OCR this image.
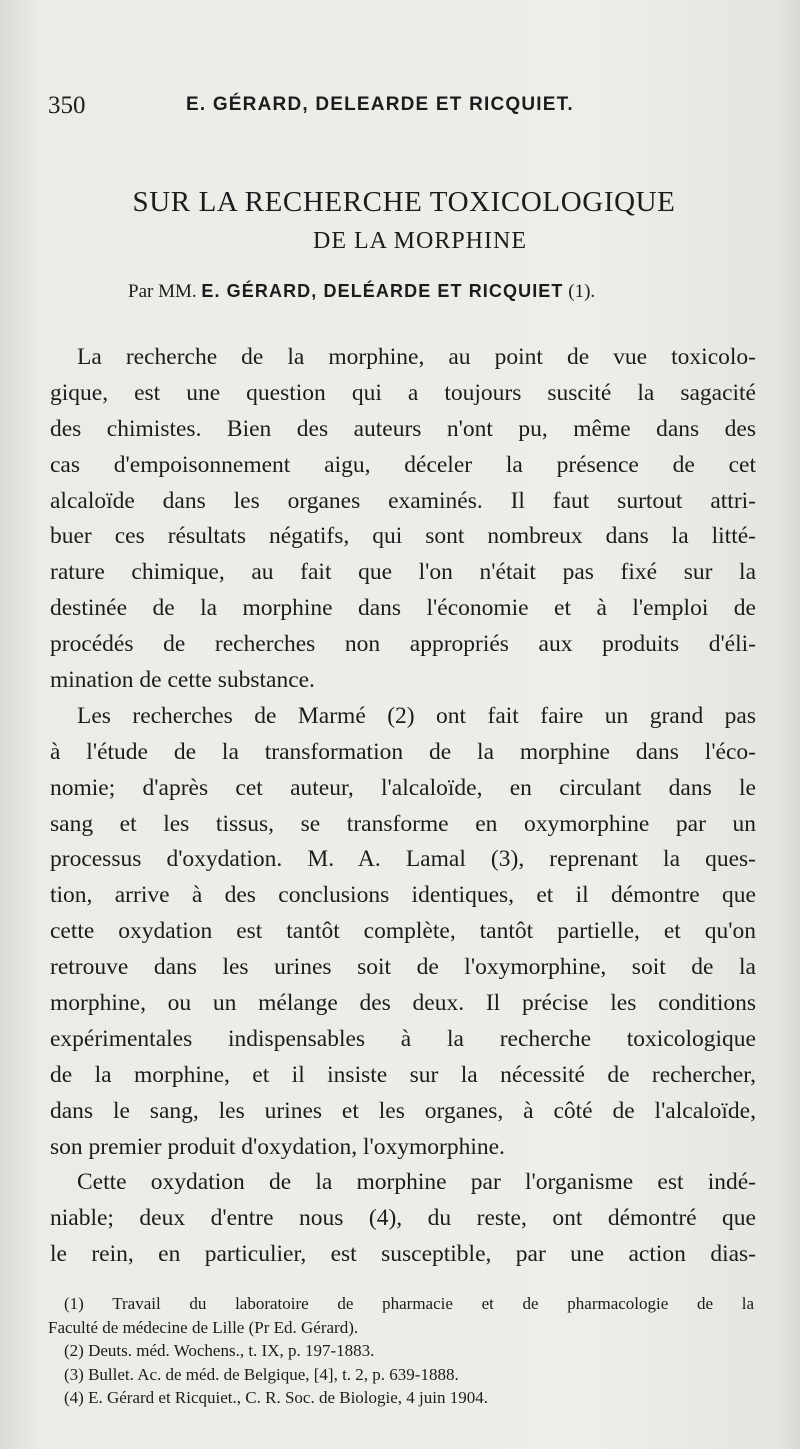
350	E. GÉRARD, DELEARDE ET RICQUIET.
SUR LA RECHERCHE TOXICOLOGIQUE
DE LA MORPHINE
Par MM. E. GÉRARD, DELÉARDE ET RICQUIET (1).
La recherche de la morphine, au point de vue toxicolo-
gique, est une question qui a toujours suscité la sagacité
des chimistes. Bien des auteurs n'ont pu, même dans des
cas d'empoisonnement aigu, déceler la présence de cet
alcaloïde dans les organes examinés. Il faut surtout attri-
buer ces résultats négatifs, qui sont nombreux dans la litté-
rature chimique, au fait que l'on n'était pas fixé sur la
destinée de la morphine dans l'économie et à l'emploi de
procédés de recherches non appropriés aux produits d'éli-
mination de cette substance.
Les recherches de Marmé (2) ont fait faire un grand pas
à l'étude de la transformation de la morphine dans l'éco-
nomie; d'après cet auteur, l'alcaloïde, en circulant dans le
sang et les tissus, se transforme en oxymorphine par un
processus d'oxydation. M. A. Lamal (3), reprenant la ques-
tion, arrive à des conclusions identiques, et il démontre que
cette oxydation est tantôt complète, tantôt partielle, et qu'on
retrouve dans les urines soit de l'oxymorphine, soit de la
morphine, ou un mélange des deux. Il précise les conditions
expérimentales indispensables à la recherche toxicologique
de la morphine, et il insiste sur la nécessité de rechercher,
dans le sang, les urines et les organes, à côté de l'alcaloïde,
son premier produit d'oxydation, l'oxymorphine.
Cette oxydation de la morphine par l'organisme est indé-
niable; deux d'entre nous (4), du reste, ont démontré que
le rein, en particulier, est susceptible, par une action dias-
(1) Travail du laboratoire de pharmacie et de pharmacologie de la
Faculté de médecine de Lille (Pr Ed. Gérard).
(2) Deuts. méd. Wochens., t. IX, p. 197-1883.
(3) Bullet. Ac. de méd. de Belgique, [4], t. 2, p. 639-1888.
(4) E. Gérard et Ricquiet., C. R. Soc. de Biologie, 4 juin 1904.
